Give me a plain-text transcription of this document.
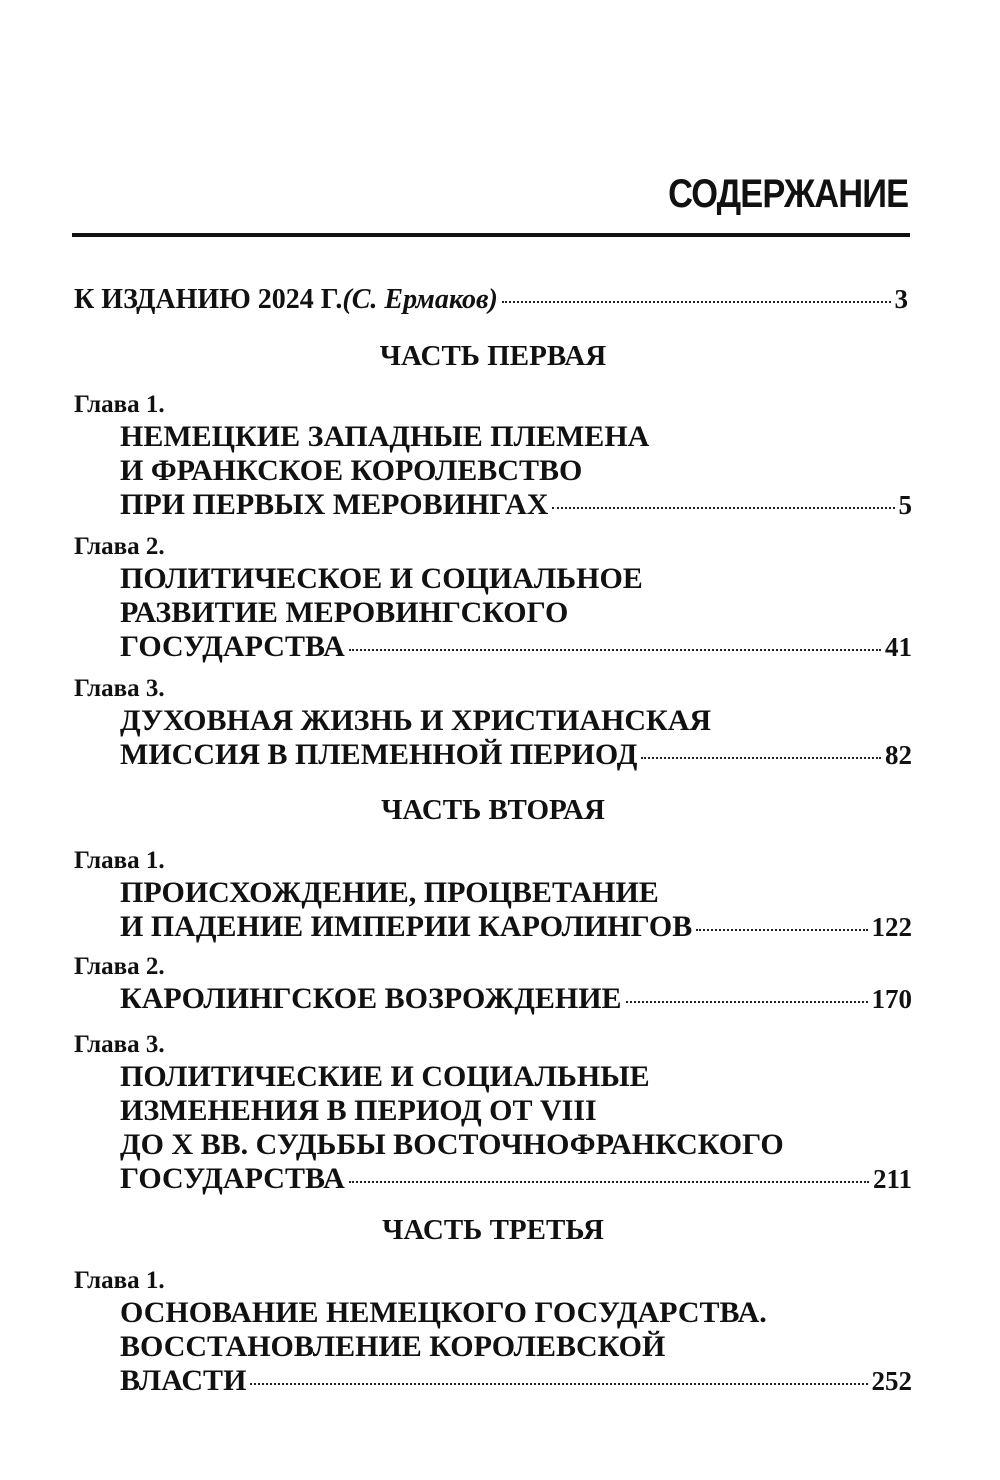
СОДЕРЖАНИЕ
К ИЗДАНИЮ 2024 Г. (С. Ермаков)	3
ЧАСТЬ ПЕРВАЯ
Глава 1.
НЕМЕЦКИЕ ЗАПАДНЫЕ ПЛЕМЕНА
И ФРАНКСКОЕ КОРОЛЕВСТВО
ПРИ ПЕРВЫХ МЕРОВИНГАХ	5
Глава 2.
ПОЛИТИЧЕСКОЕ И СОЦИАЛЬНОЕ
РАЗВИТИЕ МЕРОВИНГСКОГО
ГОСУДАРСТВА	41
Глава 3.
ДУХОВНАЯ ЖИЗНЬ И ХРИСТИАНСКАЯ
МИССИЯ В ПЛЕМЕННОЙ ПЕРИОД	82
ЧАСТЬ ВТОРАЯ
Глава 1.
ПРОИСХОЖДЕНИЕ, ПРОЦВЕТАНИЕ
И ПАДЕНИЕ ИМПЕРИИ КАРОЛИНГОВ	122
Глава 2.
КАРОЛИНГСКОЕ ВОЗРОЖДЕНИЕ	170
Глава 3.
ПОЛИТИЧЕСКИЕ И СОЦИАЛЬНЫЕ
ИЗМЕНЕНИЯ В ПЕРИОД ОТ VIII
ДО X ВВ. СУДЬБЫ ВОСТОЧНОФРАНКСКОГО
ГОСУДАРСТВА	211
ЧАСТЬ ТРЕТЬЯ
Глава 1.
ОСНОВАНИЕ НЕМЕЦКОГО ГОСУДАРСТВА.
ВОССТАНОВЛЕНИЕ КОРОЛЕВСКОЙ
ВЛАСТИ	252
